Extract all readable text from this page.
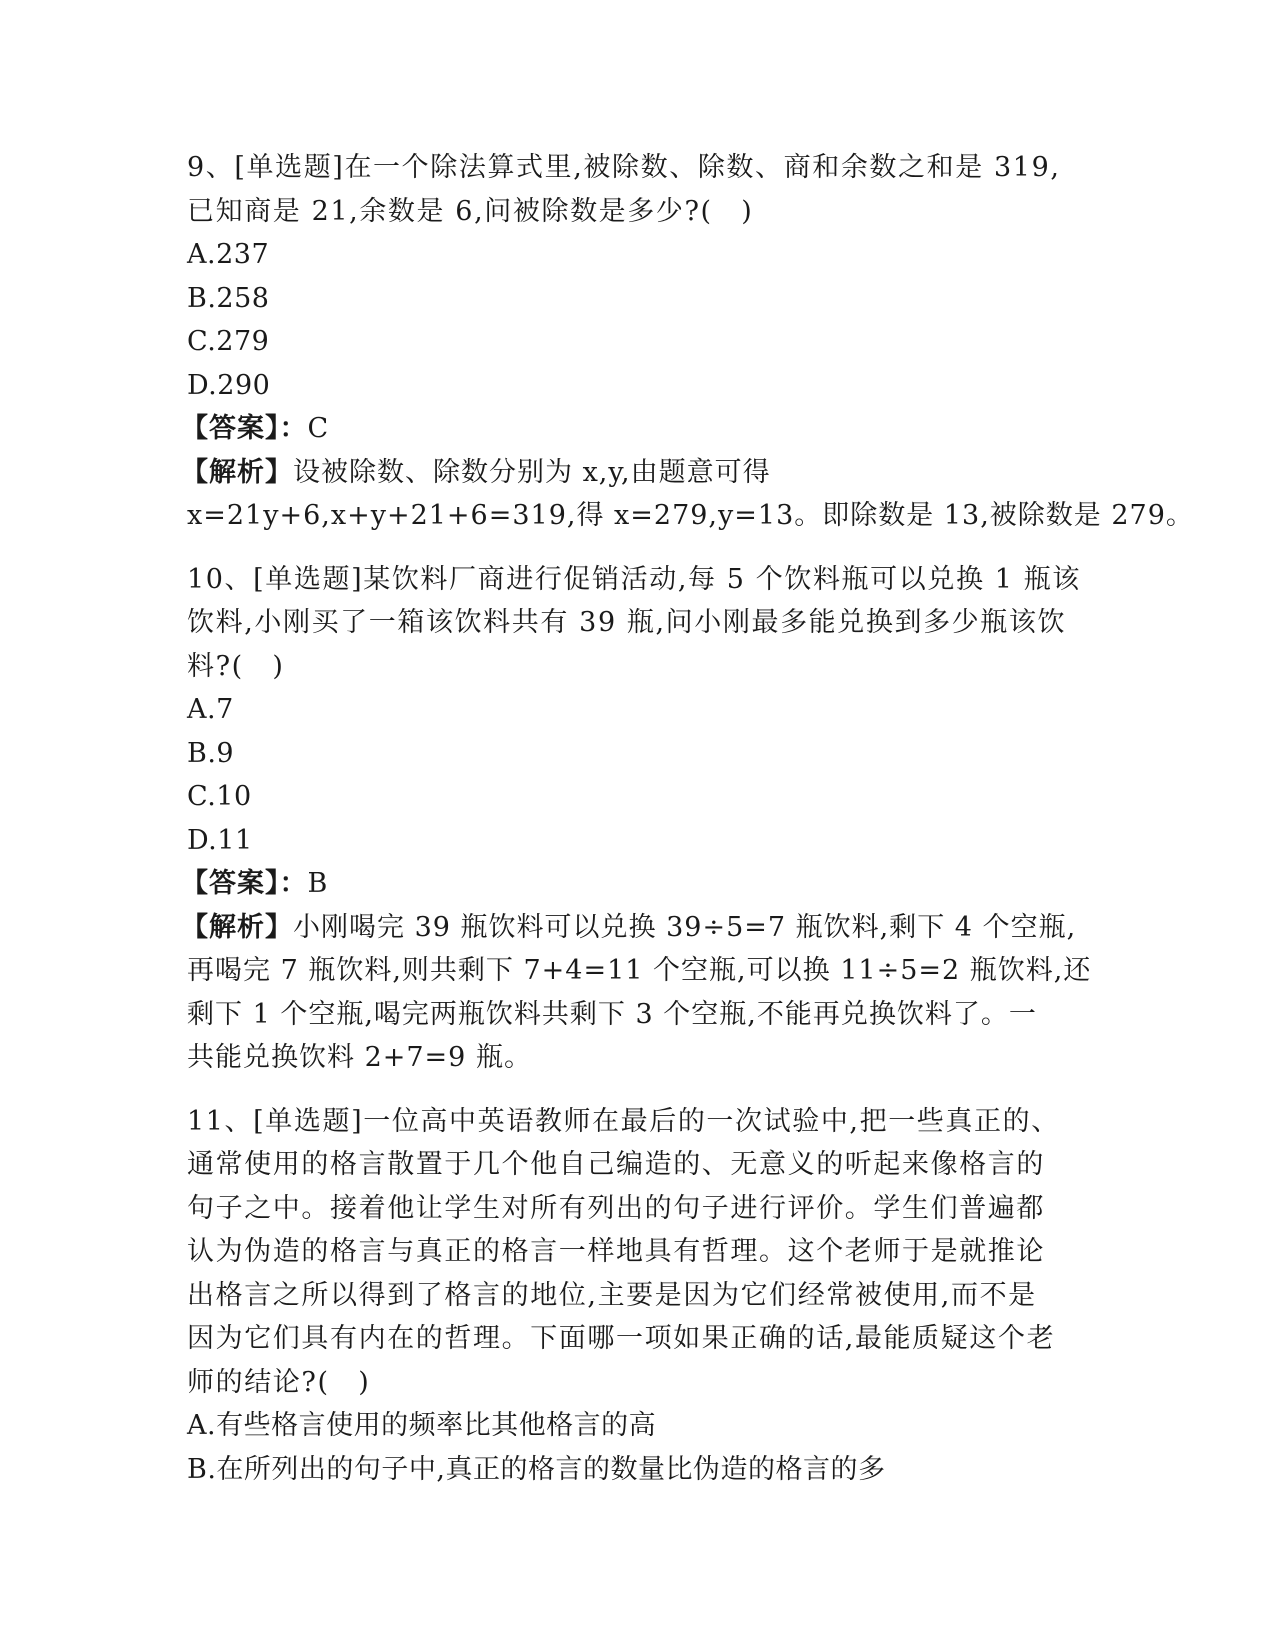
9、[单选题]在一个除法算式里,被除数、除数、商和余数之和是 319,
已知商是 21,余数是 6,问被除数是多少?(　)
A.237
B.258
C.279
D.290
【答案】：C
【解析】设被除数、除数分别为 x,y,由题意可得
x=21y+6,x+y+21+6=319,得 x=279,y=13。即除数是 13,被除数是 279。
10、[单选题]某饮料厂商进行促销活动,每 5 个饮料瓶可以兑换 1 瓶该
饮料,小刚买了一箱该饮料共有 39 瓶,问小刚最多能兑换到多少瓶该饮
料?(　)
A.7
B.9
C.10
D.11
【答案】：B
【解析】小刚喝完 39 瓶饮料可以兑换 39÷5=7 瓶饮料,剩下 4 个空瓶,
再喝完 7 瓶饮料,则共剩下 7+4=11 个空瓶,可以换 11÷5=2 瓶饮料,还
剩下 1 个空瓶,喝完两瓶饮料共剩下 3 个空瓶,不能再兑换饮料了。一
共能兑换饮料 2+7=9 瓶。
11、[单选题]一位高中英语教师在最后的一次试验中,把一些真正的、
通常使用的格言散置于几个他自己编造的、无意义的听起来像格言的
句子之中。接着他让学生对所有列出的句子进行评价。学生们普遍都
认为伪造的格言与真正的格言一样地具有哲理。这个老师于是就推论
出格言之所以得到了格言的地位,主要是因为它们经常被使用,而不是
因为它们具有内在的哲理。下面哪一项如果正确的话,最能质疑这个老
师的结论?(　)
A.有些格言使用的频率比其他格言的高
B.在所列出的句子中,真正的格言的数量比伪造的格言的多
